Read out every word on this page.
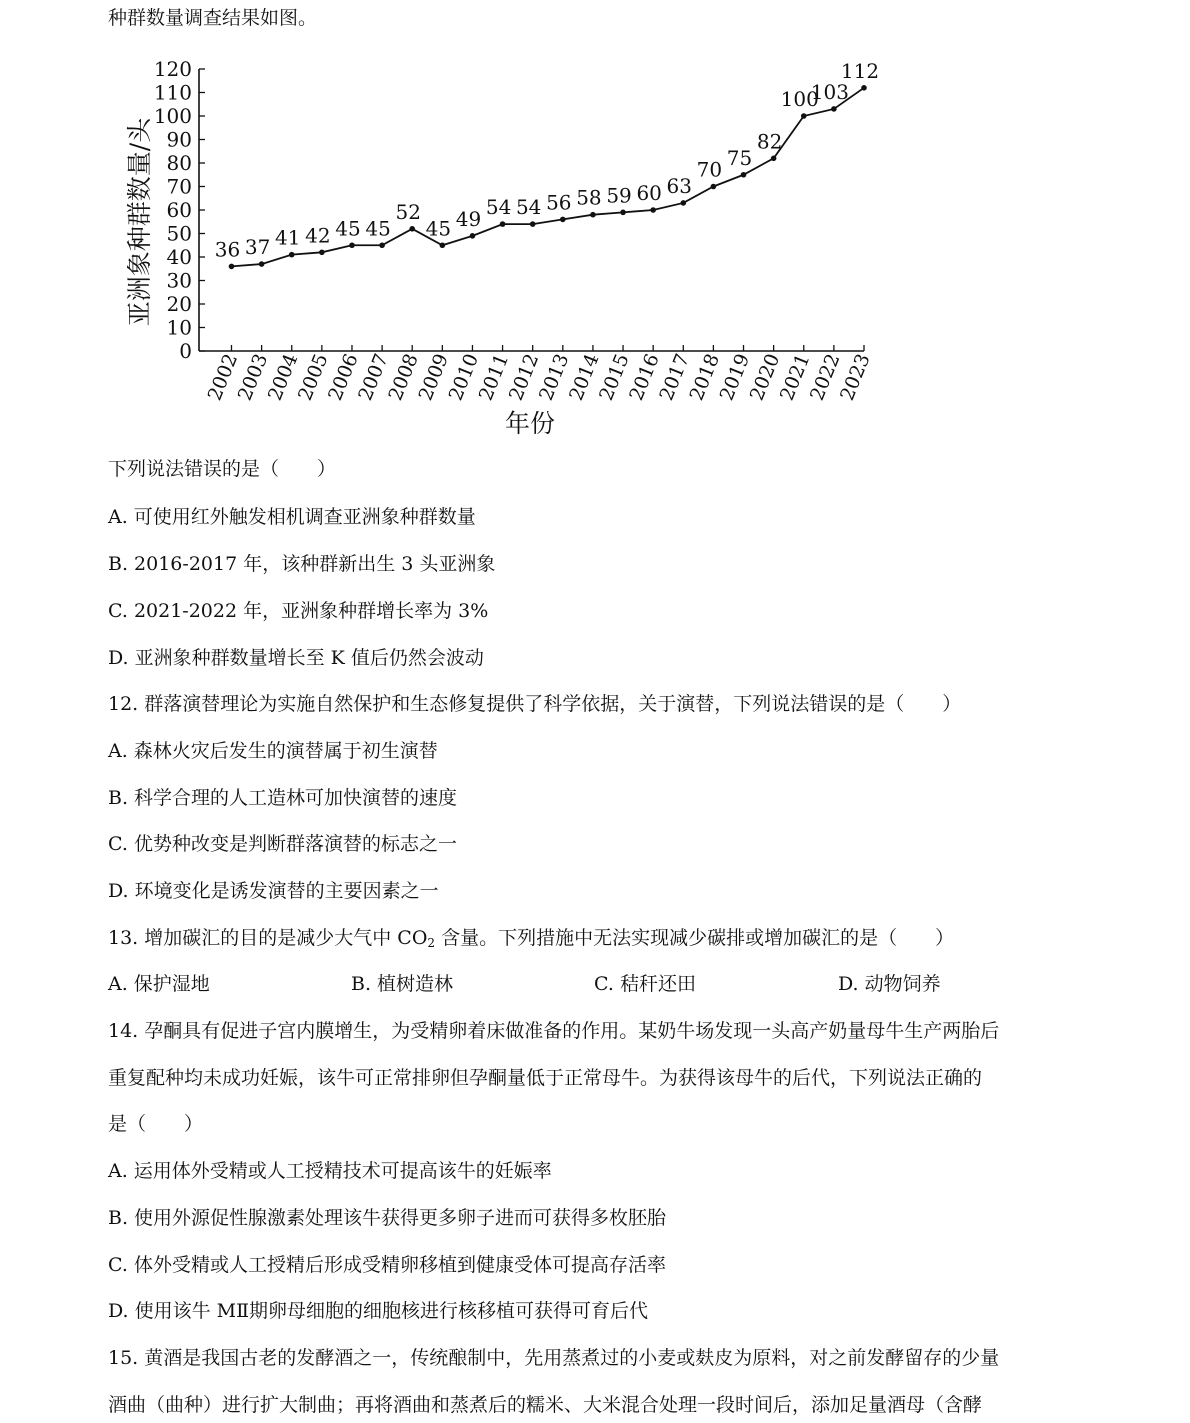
种群数量调查结果如图。
0
10
20
30
40
50
60
70
80
90
100
110
120
2002
2003
2004
2005
2006
2007
2008
2009
2010
2011
2012
2013
2014
2015
2016
2017
2018
2019
2020
2021
2022
2023
36 37 41 42 45 45
52
45 49 54 54 56 58 59 60 63
70 75
82
100
103
112
亚洲象种群数量/头
年份
下列说法错误的是（　　）
A. 可使用红外触发相机调查亚洲象种群数量
B. 2016-2017 年，该种群新出生 3 头亚洲象
C. 2021-2022 年，亚洲象种群增长率为 3%
D. 亚洲象种群数量增长至 K 值后仍然会波动
12. 群落演替理论为实施自然保护和生态修复提供了科学依据，关于演替，下列说法错误的是（　　）
A. 森林火灾后发生的演替属于初生演替
B. 科学合理的人工造林可加快演替的速度
C. 优势种改变是判断群落演替的标志之一
D. 环境变化是诱发演替的主要因素之一
13. 增加碳汇的目的是减少大气中 $CO_2$ 含量。下列措施中无法实现减少碳排或增加碳汇的是（　　）
A. 保护湿地	B. 植树造林	C. 秸秆还田	D. 动物饲养
14. 孕酮具有促进子宫内膜增生，为受精卵着床做准备的作用。某奶牛场发现一头高产奶量母牛生产两胎后
重复配种均未成功妊娠，该牛可正常排卵但孕酮量低于正常母牛。为获得该母牛的后代，下列说法正确的
是（　　）
A. 运用体外受精或人工授精技术可提高该牛的妊娠率
B. 使用外源促性腺激素处理该牛获得更多卵子进而可获得多枚胚胎
C. 体外受精或人工授精后形成受精卵移植到健康受体可提高存活率
D. 使用该牛 MⅡ期卵母细胞的细胞核进行核移植可获得可育后代
15. 黄酒是我国古老的发酵酒之一，传统酿制中，先用蒸煮过的小麦或麸皮为原料，对之前发酵留存的少量
酒曲（曲种）进行扩大制曲；再将酒曲和蒸煮后的糯米、大米混合处理一段时间后，添加足量酒母（含酵
